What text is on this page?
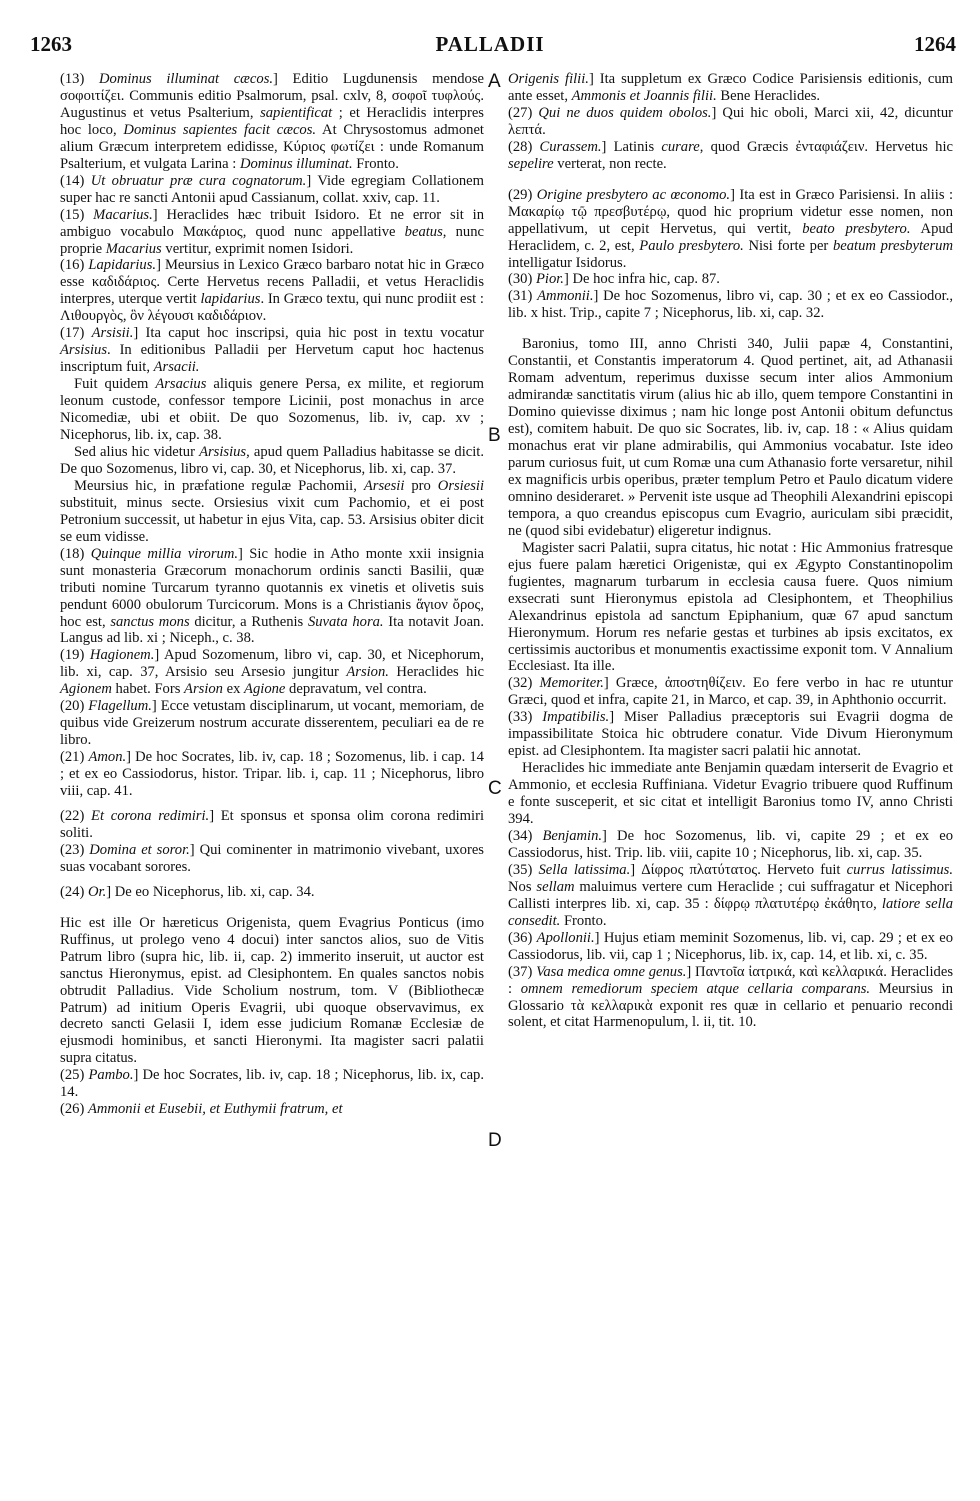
1263	PALLADII	1264
A
B
C
D

(13) Dominus illuminat cæcos.] Editio Lugdunensis mendose σοφοιτίζει. Communis editio Psalmorum, psal. cxlv, 8, σοφοῖ τυφλούς. Augustinus et vetus Psalterium, sapientificat ; et Heraclidis interpres hoc loco, Dominus sapientes facit cæcos. At Chrysostomus admonet alium Græcum interpretem edidisse, Κύριος φωτίζει : unde Romanum Psalterium, et vulgata Larina : Dominus illuminat. Fronto.

(14) Ut obruatur præ cura cognatorum.] Vide egregiam Collationem super hac re sancti Antonii apud Cassianum, collat. xxiv, cap. 11.

(15) Macarius.] Heraclides hæc tribuit Isidoro. Et ne error sit in ambiguo vocabulo Μακάριος, quod nunc appellative beatus, nunc proprie Macarius vertitur, exprimit nomen Isidori.

(16) Lapidarius.] Meursius in Lexico Græco barbaro notat hic in Græco esse καδιδάριος. Certe Hervetus recens Palladii, et vetus Heraclidis interpres, uterque vertit lapidarius. In Græco textu, qui nunc prodiit est : Λιθουργὸς, ὃν λέγουσι καδιδάριον.

(17) Arsisii.] Ita caput hoc inscripsi, quia hic post in textu vocatur Arsisius. In editionibus Palladii per Hervetum caput hoc hactenus inscriptum fuit, Arsacii.

Fuit quidem Arsacius aliquis genere Persa, ex milite, et regiorum leonum custode, confessor tempore Licinii, post monachus in arce Nicomediæ, ubi et obiit. De quo Sozomenus, lib. iv, cap. xv ; Nicephorus, lib. ix, cap. 38.

Sed alius hic videtur Arsisius, apud quem Palladius habitasse se dicit. De quo Sozomenus, libro vi, cap. 30, et Nicephorus, lib. xi, cap. 37.

Meursius hic, in præfatione regulæ Pachomii, Arsesii pro Orsiesii substituit, minus secte. Orsiesius vixit cum Pachomio, et ei post Petronium successit, ut habetur in ejus Vita, cap. 53. Arsisius obiter dicit se eum vidisse.

(18) Quinque millia virorum.] Sic hodie in Atho monte xxii insignia sunt monasteria Græcorum monachorum ordinis sancti Basilii, quæ tributi nomine Turcarum tyranno quotannis ex vinetis et olivetis suis pendunt 6000 obulorum Turcicorum. Mons is a Christianis ἅγιον ὄρος, hoc est, sanctus mons dicitur, a Ruthenis Suvata hora. Ita notavit Joan. Langus ad lib. xi ; Niceph., c. 38.

(19) Hagionem.] Apud Sozomenum, libro vi, cap. 30, et Nicephorum, lib. xi, cap. 37, Arsisio seu Arsesio jungitur Arsion. Heraclides hic Agionem habet. Fors Arsion ex Agione depravatum, vel contra.

(20) Flagellum.] Ecce vetustam disciplinarum, ut vocant, memoriam, de quibus vide Greizerum nostrum accurate disserentem, peculiari ea de re libro.

(21) Amon.] De hoc Socrates, lib. iv, cap. 18 ; Sozomenus, lib. i cap. 14 ; et ex eo Cassiodorus, histor. Tripar. lib. i, cap. 11 ; Nicephorus, libro viii, cap. 41.

(22) Et corona redimiri.] Et sponsus et sponsa olim corona redimiri soliti.

(23) Domina et soror.] Qui cominenter in matrimonio vivebant, uxores suas vocabant sorores.

(24) Or.] De eo Nicephorus, lib. xi, cap. 34.

Hic est ille Or hæreticus Origenista, quem Evagrius Ponticus (imo Ruffinus, ut prolego veno 4 docui) inter sanctos alios, suo de Vitis Patrum libro (supra hic, lib. ii, cap. 2) immerito inseruit, ut auctor est sanctus Hieronymus, epist. ad Clesiphontem. En quales sanctos nobis obtrudit Palladius. Vide Scholium nostrum, tom. V (Bibliothecæ Patrum) ad initium Operis Evagrii, ubi quoque observavimus, ex decreto sancti Gelasii I, idem esse judicium Romanæ Ecclesiæ de ejusmodi hominibus, et sancti Hieronymi. Ita magister sacri palatii supra citatus.

(25) Pambo.] De hoc Socrates, lib. iv, cap. 18 ; Nicephorus, lib. ix, cap. 14.

(26) Ammonii et Eusebii, et Euthymii fratrum, et

Origenis filii.] Ita suppletum ex Græco Codice Parisiensis editionis, cum ante esset, Ammonis et Joannis filii. Bene Heraclides.

(27) Qui ne duos quidem obolos.] Qui hic oboli, Marci xii, 42, dicuntur λεπτά.

(28) Curassem.] Latinis curare, quod Græcis ἐνταφιάζειν. Hervetus hic sepelire verterat, non recte.

(29) Origine presbytero ac œconomo.] Ita est in Græco Parisiensi. In aliis : Μακαρίῳ τῷ πρεσβυτέρῳ, quod hic proprium videtur esse nomen, non appellativum, ut cepit Hervetus, qui vertit, beato presbytero. Apud Heraclidem, c. 2, est, Paulo presbytero. Nisi forte per beatum presbyterum intelligatur Isidorus.

(30) Pior.] De hoc infra hic, cap. 87.

(31) Ammonii.] De hoc Sozomenus, libro vi, cap. 30 ; et ex eo Cassiodor., lib. x hist. Trip., capite 7 ; Nicephorus, lib. xi, cap. 32.

Baronius, tomo III, anno Christi 340, Julii papæ 4, Constantini, Constantii, et Constantis imperatorum 4. Quod pertinet, ait, ad Athanasii Romam adventum, reperimus duxisse secum inter alios Ammonium admirandæ sanctitatis virum (alius hic ab illo, quem tempore Constantini in Domino quievisse diximus ; nam hic longe post Antonii obitum defunctus est), comitem habuit. De quo sic Socrates, lib. iv, cap. 18 : « Alius quidam monachus erat vir plane admirabilis, qui Ammonius vocabatur. Iste ideo parum curiosus fuit, ut cum Romæ una cum Athanasio forte versaretur, nihil ex magnificis urbis operibus, præter templum Petro et Paulo dicatum videre omnino desideraret. » Pervenit iste usque ad Theophili Alexandrini episcopi tempora, a quo creandus episcopus cum Evagrio, auriculam sibi præcidit, ne (quod sibi evidebatur) eligeretur indignus.

Magister sacri Palatii, supra citatus, hic notat : Hic Ammonius fratresque ejus fuere palam hæretici Origenistæ, qui ex Ægypto Constantinopolim fugientes, magnarum turbarum in ecclesia causa fuere. Quos nimium exsecrati sunt Hieronymus epistola ad Clesiphontem, et Theophilius Alexandrinus epistola ad sanctum Epiphanium, quæ 67 apud sanctum Hieronymum. Horum res nefarie gestas et turbines ab ipsis excitatos, ex certissimis auctoribus et monumentis exactissime exponit tom. V Annalium Ecclesiast. Ita ille.

(32) Memoriter.] Græce, ἀποστηθίζειν. Eo fere verbo in hac re utuntur Græci, quod et infra, capite 21, in Marco, et cap. 39, in Aphthonio occurrit.

(33) Impatibilis.] Miser Palladius præceptoris sui Evagrii dogma de impassibilitate Stoica hic obtrudere conatur. Vide Divum Hieronymum epist. ad Clesiphontem. Ita magister sacri palatii hic annotat.

Heraclides hic immediate ante Benjamin quædam interserit de Evagrio et Ammonio, et ecclesia Ruffiniana. Videtur Evagrio tribuere quod Ruffinum e fonte susceperit, et sic citat et intelligit Baronius tomo IV, anno Christi 394.

(34) Benjamin.] De hoc Sozomenus, lib. vi, capite 29 ; et ex eo Cassiodorus, hist. Trip. lib. viii, capite 10 ; Nicephorus, lib. xi, cap. 35.

(35) Sella latissima.] Δίφρος πλατύτατος. Herveto fuit currus latissimus. Nos sellam maluimus vertere cum Heraclide ; cui suffragatur et Nicephori Callisti interpres lib. xi, cap. 35 : δίφρῳ πλατυτέρῳ ἐκάθητο, latiore sella consedit. Fronto.

(36) Apollonii.] Hujus etiam meminit Sozomenus, lib. vi, cap. 29 ; et ex eo Cassiodorus, lib. vii, cap 1 ; Nicephorus, lib. ix, cap. 14, et lib. xi, c. 35.

(37) Vasa medica omne genus.] Παντοῖα ἰατρικά, καὶ κελλαρικά. Heraclides : omnem remediorum speciem atque cellaria comparans. Meursius in Glossario τὰ κελλαρικὰ exponit res quæ in cellario et penuario recondi solent, et citat Harmenopulum, l. ii, tit. 10.
